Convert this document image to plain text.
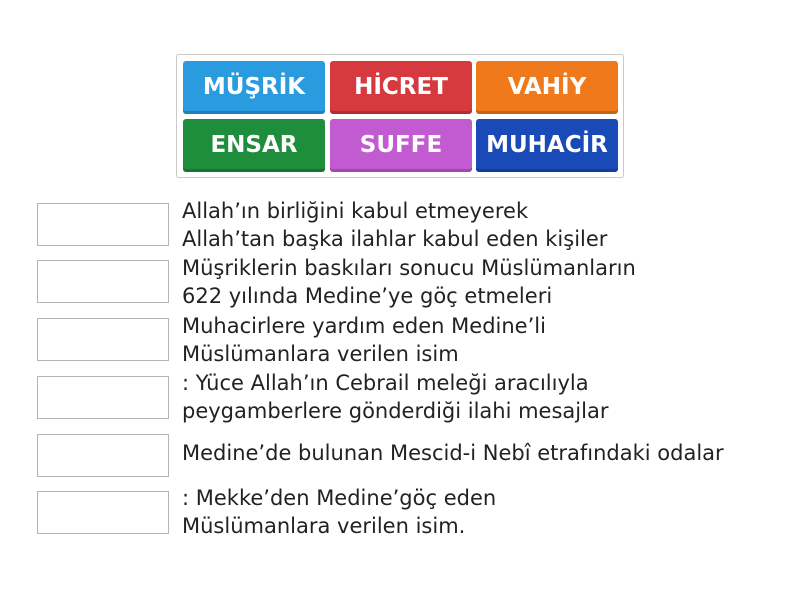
MÜŞRİK	HİCRET	VAHİY
ENSAR	SUFFE	MUHACİR
Allah’ın birliğini kabul etmeyerek
Allah’tan başka ilahlar kabul eden kişiler
Müşriklerin baskıları sonucu Müslümanların
622 yılında Medine’ye göç etmeleri
Muhacirlere yardım eden Medine’li
Müslümanlara verilen isim
: Yüce Allah’ın Cebrail meleği aracılıyla
peygamberlere gönderdiği ilahi mesajlar
Medine’de bulunan Mescid-i Nebî etrafındaki odalar
: Mekke’den Medine’göç eden
Müslümanlara verilen isim.
